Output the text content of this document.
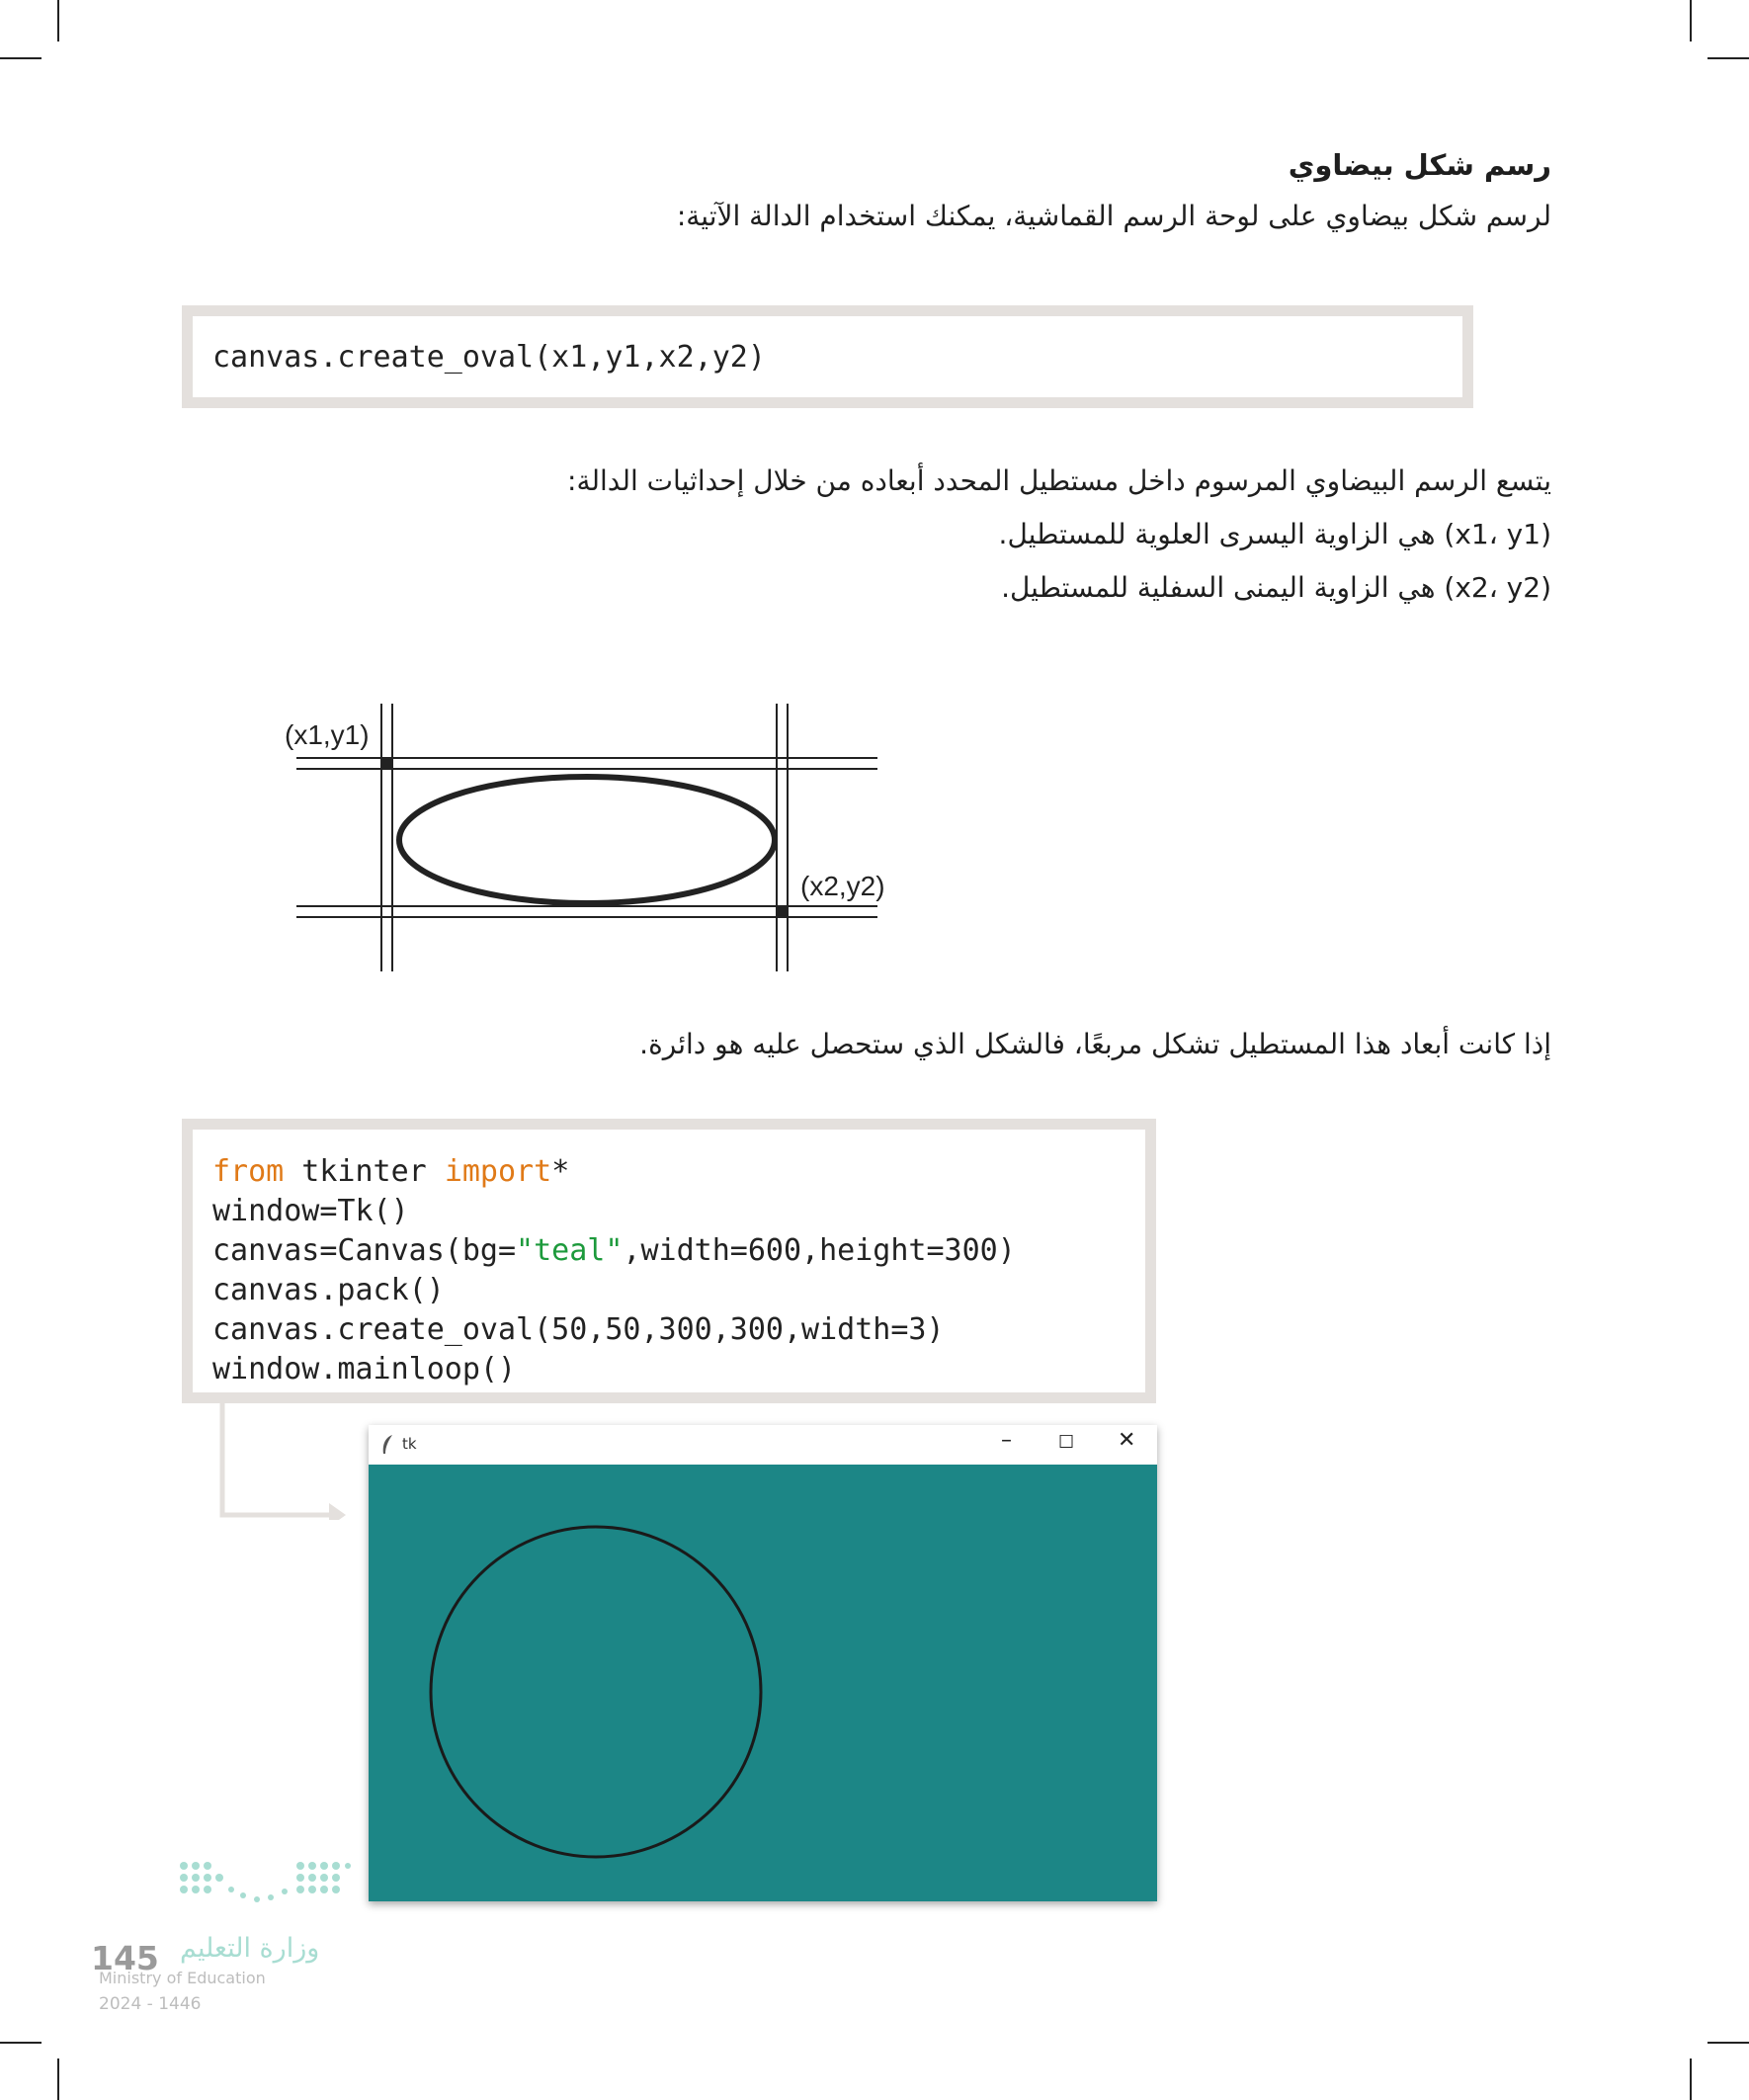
رسم شكل بيضاوي
لرسم شكل بيضاوي على لوحة الرسم القماشية، يمكنك استخدام الدالة الآتية:
canvas.create_oval(x1,y1,x2,y2)
يتسع الرسم البيضاوي المرسوم داخل مستطيل المحدد أبعاده من خلال إحداثيات الدالة:
(x1، y1) هي الزاوية اليسرى العلوية للمستطيل.
(x2، y2) هي الزاوية اليمنى السفلية للمستطيل.
(x1,y1)
(x2,y2)
إذا كانت أبعاد هذا المستطيل تشكل مربعًا، فالشكل الذي ستحصل عليه هو دائرة.
from tkinter import*
window=Tk()
canvas=Canvas(bg="teal",width=600,height=300)
canvas.pack()
canvas.create_oval(50,50,300,300,width=3)
window.mainloop()
tk	–	☐ ✕
وزارة التعليم
145
Ministry of Education
2024 - 1446
